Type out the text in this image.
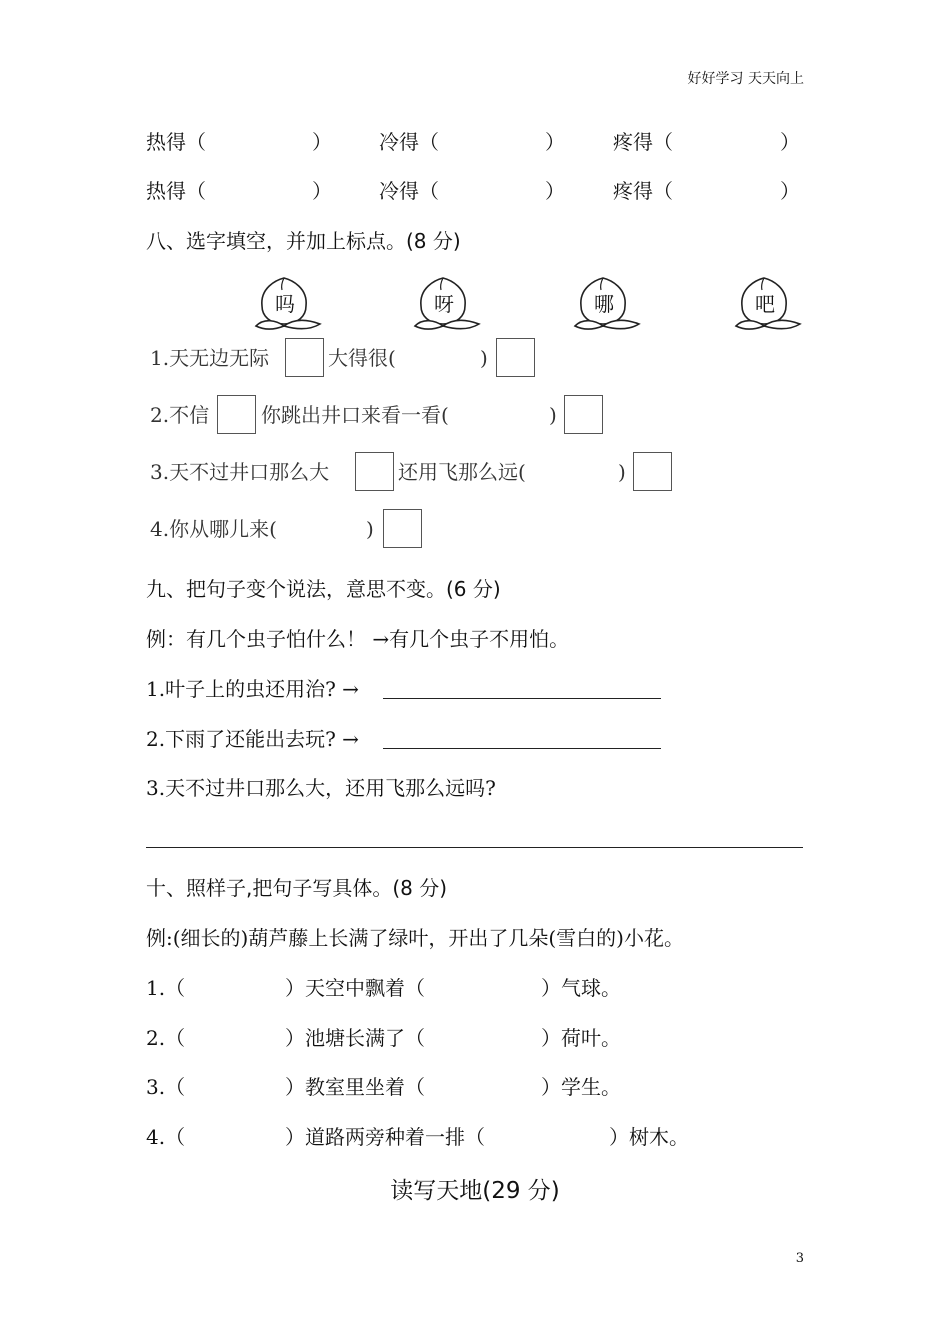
好好学习 天天向上
热得（	） 冷得（	） 疼得（	）
热得（	） 冷得（	） 疼得（	）
八、选字填空，并加上标点。(8 分)
吗	呀	哪	吧
1.天无边无际	大得很(	)
2.不信	你跳出井口来看一看(	)
3.天不过井口那么大	还用飞那么远(	)
4.你从哪儿来(	)
九、把句子变个说法，意思不变。(6 分)
例：有几个虫子怕什么！ →有几个虫子不用怕。
1.叶子上的虫还用治? →
2.下雨了还能出去玩? →
3.天不过井口那么大，还用飞那么远吗?
十、照样子,把句子写具体。(8 分)
例:(细长的)葫芦藤上长满了绿叶，开出了几朵(雪白的)小花。
1.（	）天空中飘着（	）气球。
2.（	）池塘长满了（	）荷叶。
3.（	）教室里坐着（	）学生。
4.（	）道路两旁种着一排（	）树木。
读写天地(29 分)
3
